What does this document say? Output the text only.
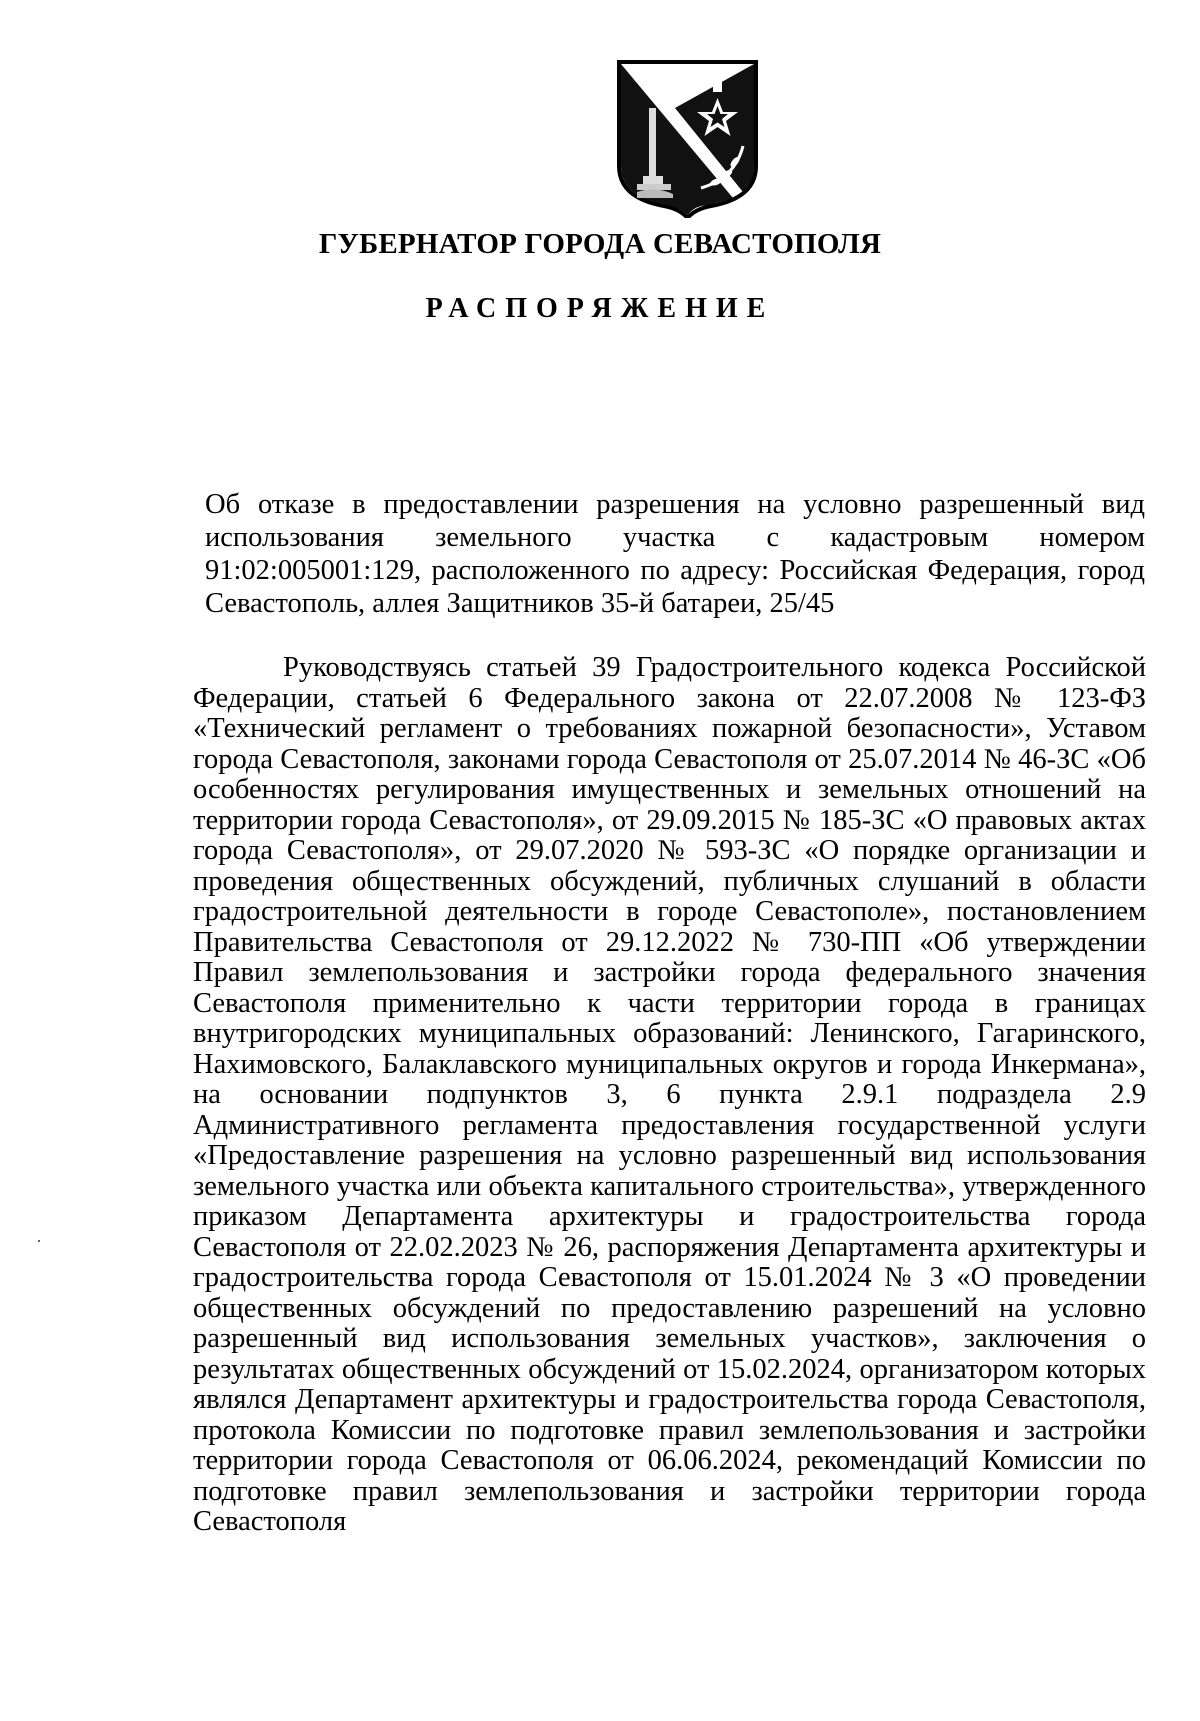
ГУБЕРНАТОР ГОРОДА СЕВАСТОПОЛЯ
РАСПОРЯЖЕНИЕ
Об отказе в предоставлении разрешения на условно разрешенный вид использования земельного участка с кадастровым номером 91:02:005001:129, расположенного по адресу: Российская Федерация, город Севастополь, аллея Защитников 35-й батареи, 25/45
Руководствуясь статьей 39 Градостроительного кодекса Российской Федерации, статьей 6 Федерального закона от 22.07.2008 № 123-ФЗ «Технический регламент о требованиях пожарной безопасности», Уставом города Севастополя, законами города Севастополя от 25.07.2014 № 46-ЗС «Об особенностях регулирования имущественных и земельных отношений на территории города Севастополя», от 29.09.2015 № 185-ЗС «О правовых актах города Севастополя», от 29.07.2020 № 593-ЗС «О порядке организации и проведения общественных обсуждений, публичных слушаний в области градостроительной деятельности в городе Севастополе», постановлением Правительства Севастополя от 29.12.2022 № 730-ПП «Об утверждении Правил землепользования и застройки города федерального значения Севастополя применительно к части территории города в границах внутригородских муниципальных образований: Ленинского, Гагаринского, Нахимовского, Балаклавского муниципальных округов и города Инкермана», на основании подпунктов 3, 6 пункта 2.9.1 подраздела 2.9 Административного регламента предоставления государственной услуги «Предоставление разрешения на условно разрешенный вид использования земельного участка или объекта капитального строительства», утвержденного приказом Департамента архитектуры и градостроительства города Севастополя от 22.02.2023 № 26, распоряжения Департамента архитектуры и градостроительства города Севастополя от 15.01.2024 № 3 «О проведении общественных обсуждений по предоставлению разрешений на условно разрешенный вид использования земельных участков», заключения о результатах общественных обсуждений от 15.02.2024, организатором которых являлся Департамент архитектуры и градостроительства города Севастополя, протокола Комиссии по подготовке правил землепользования и застройки территории города Севастополя от 06.06.2024, рекомендаций Комиссии по подготовке правил землепользования и застройки территории города Севастополя
